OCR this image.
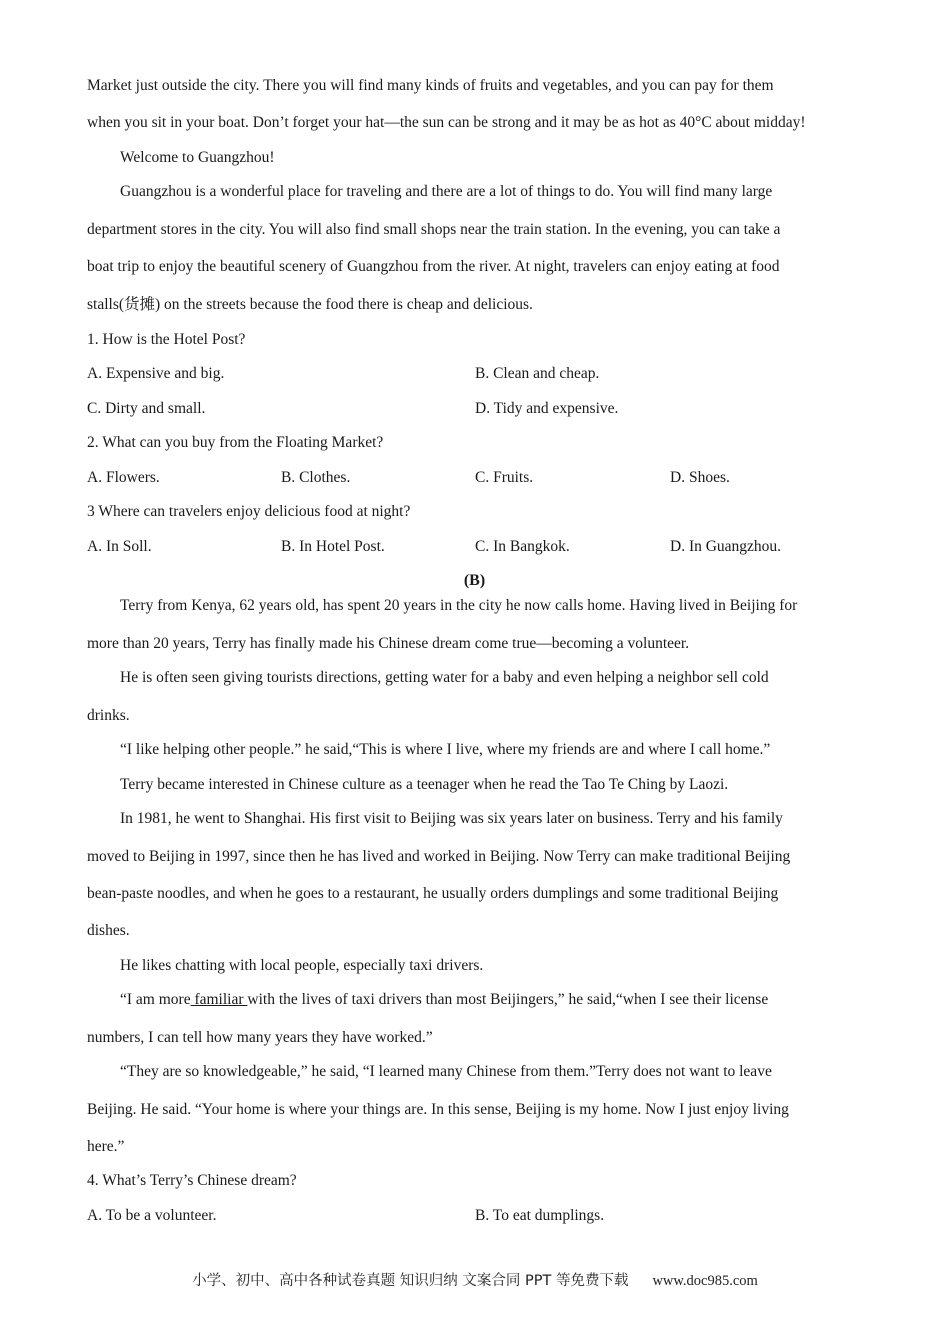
Market just outside the city. There you will find many kinds of fruits and vegetables, and you can pay for them
when you sit in your boat. Don’t forget your hat—the sun can be strong and it may be as hot as 40°C about midday!
Welcome to Guangzhou!
Guangzhou is a wonderful place for traveling and there are a lot of things to do. You will find many large
department stores in the city. You will also find small shops near the train station. In the evening, you can take a
boat trip to enjoy the beautiful scenery of Guangzhou from the river. At night, travelers can enjoy eating at food
stalls(货摊) on the streets because the food there is cheap and delicious.
1. How is the Hotel Post?
A. Expensive and big.	B. Clean and cheap.
C. Dirty and small.	D. Tidy and expensive.
2. What can you buy from the Floating Market?
A. Flowers.	B. Clothes.	C. Fruits.	D. Shoes.
3 Where can travelers enjoy delicious food at night?
A. In Soll.	B. In Hotel Post.	C. In Bangkok.	D. In Guangzhou.
(B)
Terry from Kenya, 62 years old, has spent 20 years in the city he now calls home. Having lived in Beijing for
more than 20 years, Terry has finally made his Chinese dream come true—becoming a volunteer.
He is often seen giving tourists directions, getting water for a baby and even helping a neighbor sell cold
drinks.
“I like helping other people.” he said,“This is where I live, where my friends are and where I call home.”
Terry became interested in Chinese culture as a teenager when he read the Tao Te Ching by Laozi.
In 1981, he went to Shanghai. His first visit to Beijing was six years later on business. Terry and his family
moved to Beijing in 1997, since then he has lived and worked in Beijing. Now Terry can make traditional Beijing
bean-paste noodles, and when he goes to a restaurant, he usually orders dumplings and some traditional Beijing
dishes.
He likes chatting with local people, especially taxi drivers.
“I am more familiar with the lives of taxi drivers than most Beijingers,” he said,“when I see their license
numbers, I can tell how many years they have worked.”
“They are so knowledgeable,” he said, “I learned many Chinese from them.”Terry does not want to leave
Beijing. He said. “Your home is where your things are. In this sense, Beijing is my home. Now I just enjoy living
here.”
4. What’s Terry’s Chinese dream?
A. To be a volunteer.	B. To eat dumplings.
小学、初中、高中各种试卷真题 知识归纳 文案合同 PPT 等免费下载 www.doc985.com
